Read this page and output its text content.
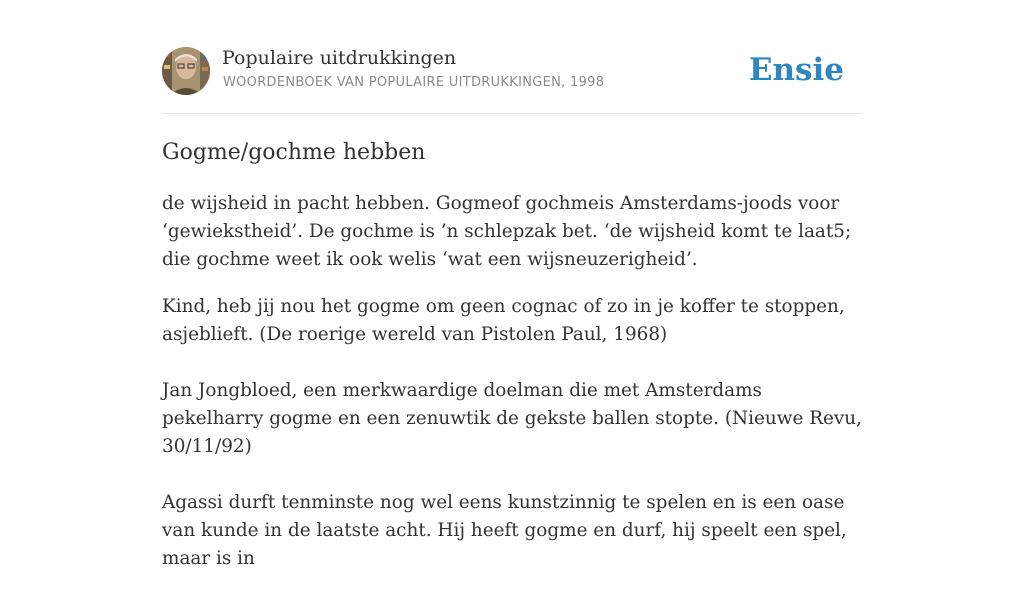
Populaire uitdrukkingen
WOORDENBOEK VAN POPULAIRE UITDRUKKINGEN, 1998	Ensie
Gogme/gochme hebben

de wijsheid in pacht hebben. Gogmeof gochmeis Amsterdams-joods voor ‘gewiekstheid’. De gochme is ’n schlepzak bet. ‘de wijsheid komt te laat5; die gochme weet ik ook welis ‘wat een wijsneuzerigheid’.

Kind, heb jij nou het gogme om geen cognac of zo in je koffer te stoppen, asjeblieft. (De roerige wereld van Pistolen Paul, 1968)

Jan Jongbloed, een merkwaardige doelman die met Amsterdams pekelharry gogme en een zenuwtik de gekste ballen stopte. (Nieuwe Revu, 30/11/92)

Agassi durft tenminste nog wel eens kunstzinnig te spelen en is een oase van kunde in de laatste acht. Hij heeft gogme en durf, hij speelt een spel, maar is in
